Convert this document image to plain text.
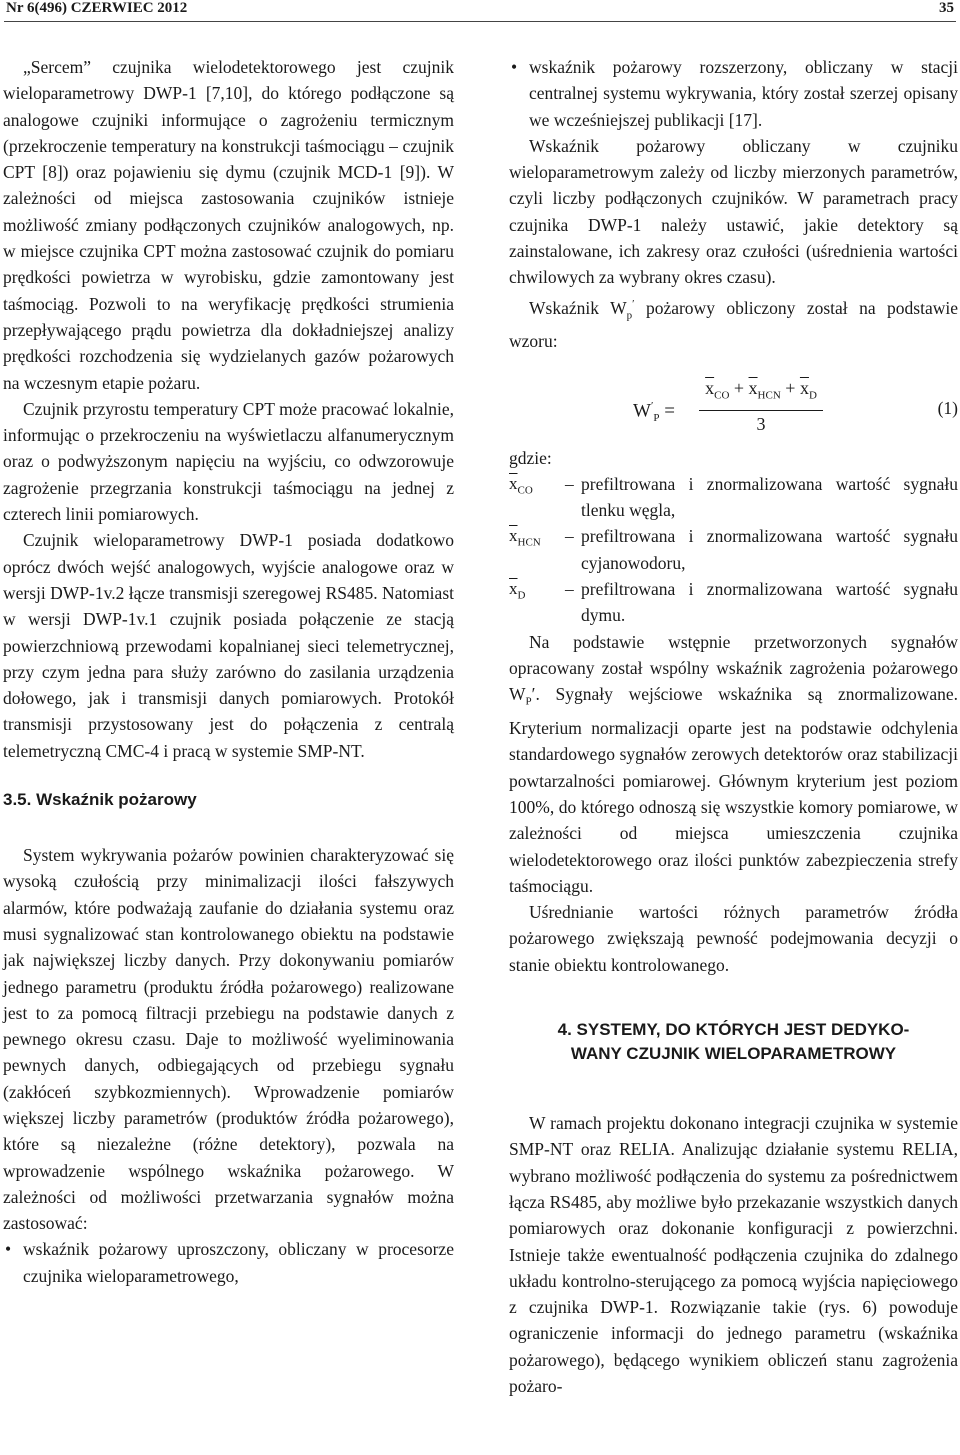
Nr 6(496) CZERWIEC 2012	35

„Sercem” czujnika wielodetektorowego jest czujnik wieloparametrowy DWP-1 [7,10], do którego podłączone są analogowe czujniki informujące o zagrożeniu termicznym (przekroczenie temperatury na konstrukcji taśmociągu – czujnik CPT [8]) oraz pojawieniu się dymu (czujnik MCD-1 [9]). W zależności od miejsca zastosowania czujników istnieje możliwość zmiany podłączonych czujników analogowych, np. w miejsce czujnika CPT można zastosować czujnik do pomiaru prędkości powietrza w wyrobisku, gdzie zamontowany jest taśmociąg. Pozwoli to na weryfikację prędkości strumienia przepływającego prądu powietrza dla dokładniejszej analizy prędkości rozchodzenia się wydzielanych gazów pożarowych na wczesnym etapie pożaru.

Czujnik przyrostu temperatury CPT może pracować lokalnie, informując o przekroczeniu na wyświetlaczu alfanumerycznym oraz o podwyższonym napięciu na wyjściu, co odwzorowuje zagrożenie przegrzania konstrukcji taśmociągu na jednej z czterech linii pomiarowych.

Czujnik wieloparametrowy DWP-1 posiada dodatkowo oprócz dwóch wejść analogowych, wyjście analogowe oraz w wersji DWP-1v.2 łącze transmisji szeregowej RS485. Natomiast w wersji DWP-1v.1 czujnik posiada połączenie ze stacją powierzchniową przewodami kopalnianej sieci telemetrycznej, przy czym jedna para służy zarówno do zasilania urządzenia dołowego, jak i transmisji danych pomiarowych. Protokół transmisji przystosowany jest do połączenia z centralą telemetryczną CMC-4 i pracą w systemie SMP-NT.

3.5. Wskaźnik pożarowy

System wykrywania pożarów powinien charakteryzować się wysoką czułością przy minimalizacji ilości fałszywych alarmów, które podważają zaufanie do działania systemu oraz musi sygnalizować stan kontrolowanego obiektu na podstawie jak największej liczby danych. Przy dokonywaniu pomiarów jednego parametru (produktu źródła pożarowego) realizowane jest to za pomocą filtracji przebiegu na podstawie danych z pewnego okresu czasu. Daje to możliwość wyeliminowania pewnych danych, odbiegających od przebiegu sygnału (zakłóceń szybkozmiennych). Wprowadzenie pomiarów większej liczby parametrów (produktów źródła pożarowego), które są niezależne (różne detektory), pozwala na wprowadzenie wspólnego wskaźnika pożarowego. W zależności od możliwości przetwarzania sygnałów można zastosować:

• wskaźnik pożarowy uproszczony, obliczany w procesorze czujnika wieloparametrowego,
• wskaźnik pożarowy rozszerzony, obliczany w stacji centralnej systemu wykrywania, który został szerzej opisany we wcześniejszej publikacji [17].

Wskaźnik pożarowy obliczany w czujniku wieloparametrowym zależy od liczby mierzonych parametrów, czyli liczby podłączonych czujników. W parametrach pracy czujnika DWP-1 należy ustawić, jakie detektory są zainstalowane, ich zakresy oraz czułości (uśrednienia wartości chwilowych za wybrany okres czasu).

Wskaźnik $W_p'$ pożarowy obliczony został na podstawie wzoru:

$W'_P$ =
$\overline{x}_{CO} + \overline{x}_{HCN} + \overline{x}_D$
3
(1)

gdzie:

$\overline{x}_{CO}$ – prefiltrowana i znormalizowana wartość sygnału tlenku węgla,
$\overline{x}_{HCN}$ – prefiltrowana i znormalizowana wartość sygnału cyjanowodoru,
$\overline{x}_D$ – prefiltrowana i znormalizowana wartość sygnału dymu.

Na podstawie wstępnie przetworzonych sygnałów opracowany został wspólny wskaźnik zagrożenia pożarowego $W_P'$. Sygnały wejściowe wskaźnika są znormalizowane. Kryterium normalizacji oparte jest na podstawie odchylenia standardowego sygnałów zerowych detektorów oraz stabilizacji powtarzalności pomiarowej. Głównym kryterium jest poziom 100%, do którego odnoszą się wszystkie komory pomiarowe, w zależności od miejsca umieszczenia czujnika wielodetektorowego oraz ilości punktów zabezpieczenia strefy taśmociągu.

Uśrednianie wartości różnych parametrów źródła pożarowego zwiększają pewność podejmowania decyzji o stanie obiektu kontrolowanego.

4. SYSTEMY, DO KTÓRYCH JEST DEDYKO-
WANY CZUJNIK WIELOPARAMETROWY

W ramach projektu dokonano integracji czujnika w systemie SMP-NT oraz RELIA. Analizując działanie systemu RELIA, wybrano możliwość podłączenia do systemu za pośrednictwem łącza RS485, aby możliwe było przekazanie wszystkich danych pomiarowych oraz dokonanie konfiguracji z powierzchni. Istnieje także ewentualność podłączenia czujnika do zdalnego układu kontrolno-sterującego za pomocą wyjścia napięciowego z czujnika DWP-1. Rozwiązanie takie (rys. 6) powoduje ograniczenie informacji do jednego parametru (wskaźnika pożarowego), będącego wynikiem obliczeń stanu zagrożenia pożaro-
